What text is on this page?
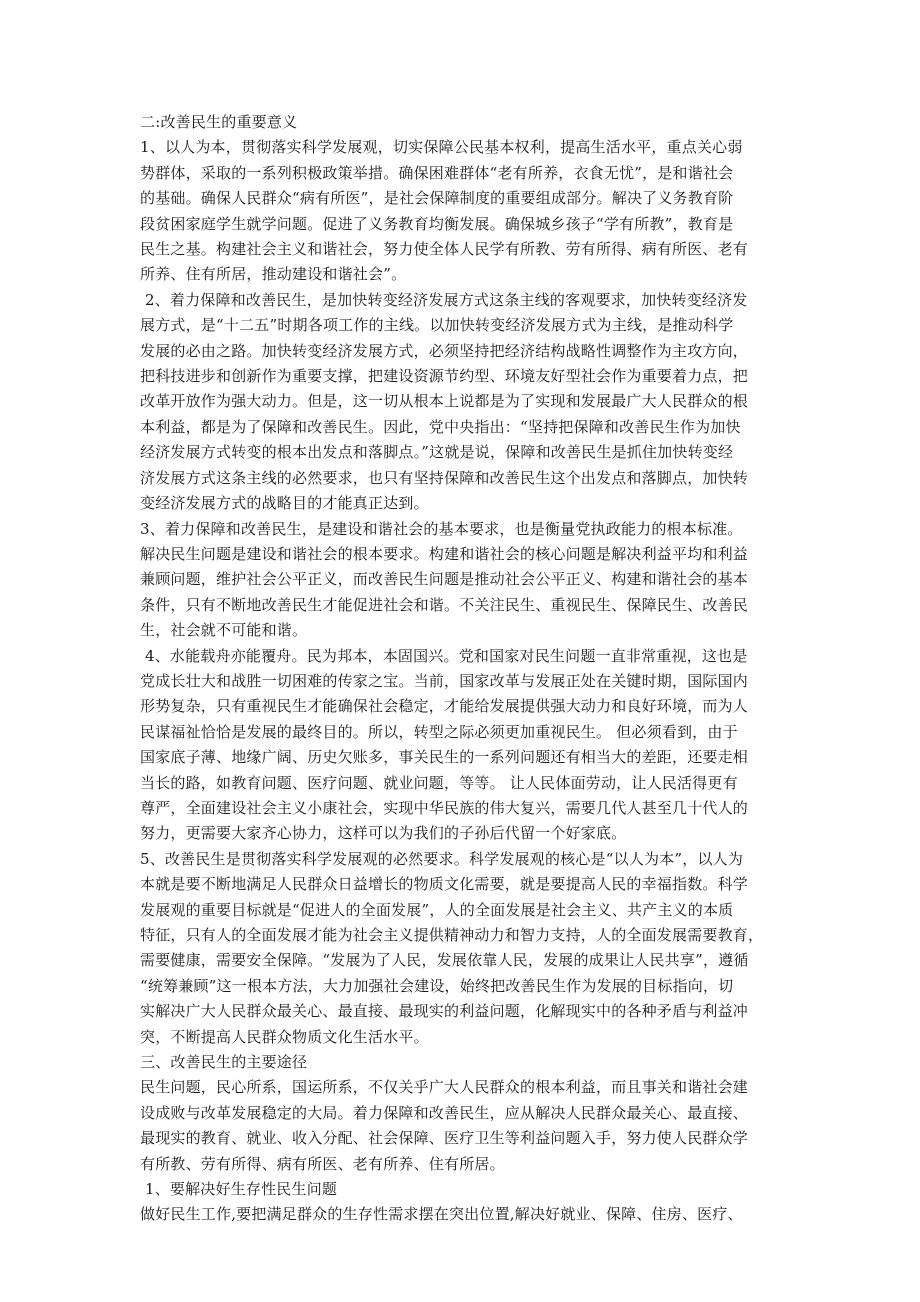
二:改善民生的重要意义
1、以人为本，贯彻落实科学发展观，切实保障公民基本权利，提高生活水平，重点关心弱
势群体，采取的一系列积极政策举措。确保困难群体“老有所养，衣食无忧”，是和谐社会
的基础。确保人民群众“病有所医”，是社会保障制度的重要组成部分。解决了义务教育阶
段贫困家庭学生就学问题。促进了义务教育均衡发展。确保城乡孩子“学有所教”，教育是
民生之基。构建社会主义和谐社会，努力使全体人民学有所教、劳有所得、病有所医、老有
所养、住有所居，推动建设和谐社会”。
2、着力保障和改善民生，是加快转变经济发展方式这条主线的客观要求，加快转变经济发
展方式，是“十二五”时期各项工作的主线。以加快转变经济发展方式为主线，是推动科学
发展的必由之路。加快转变经济发展方式，必须坚持把经济结构战略性调整作为主攻方向，
把科技进步和创新作为重要支撑，把建设资源节约型、环境友好型社会作为重要着力点，把
改革开放作为强大动力。但是，这一切从根本上说都是为了实现和发展最广大人民群众的根
本利益，都是为了保障和改善民生。因此，党中央指出：“坚持把保障和改善民生作为加快
经济发展方式转变的根本出发点和落脚点。”这就是说，保障和改善民生是抓住加快转变经
济发展方式这条主线的必然要求，也只有坚持保障和改善民生这个出发点和落脚点，加快转
变经济发展方式的战略目的才能真正达到。
3、着力保障和改善民生，是建设和谐社会的基本要求，也是衡量党执政能力的根本标准。
解决民生问题是建设和谐社会的根本要求。构建和谐社会的核心问题是解决利益平均和利益
兼顾问题，维护社会公平正义，而改善民生问题是推动社会公平正义、构建和谐社会的基本
条件，只有不断地改善民生才能促进社会和谐。不关注民生、重视民生、保障民生、改善民
生，社会就不可能和谐。
4、水能载舟亦能覆舟。民为邦本，本固国兴。党和国家对民生问题一直非常重视，这也是
党成长壮大和战胜一切困难的传家之宝。当前，国家改革与发展正处在关键时期，国际国内
形势复杂，只有重视民生才能确保社会稳定，才能给发展提供强大动力和良好环境，而为人
民谋福祉恰恰是发展的最终目的。所以，转型之际必须更加重视民生。 但必须看到，由于
国家底子薄、地缘广阔、历史欠账多，事关民生的一系列问题还有相当大的差距，还要走相
当长的路，如教育问题、医疗问题、就业问题，等等。 让人民体面劳动，让人民活得更有
尊严，全面建设社会主义小康社会，实现中华民族的伟大复兴，需要几代人甚至几十代人的
努力，更需要大家齐心协力，这样可以为我们的子孙后代留一个好家底。
5、改善民生是贯彻落实科学发展观的必然要求。科学发展观的核心是“以人为本”，以人为
本就是要不断地满足人民群众日益增长的物质文化需要，就是要提高人民的幸福指数。科学
发展观的重要目标就是“促进人的全面发展”，人的全面发展是社会主义、共产主义的本质
特征，只有人的全面发展才能为社会主义提供精神动力和智力支持，人的全面发展需要教育，
需要健康，需要安全保障。“发展为了人民，发展依靠人民，发展的成果让人民共享”，遵循
“统筹兼顾”这一根本方法，大力加强社会建设，始终把改善民生作为发展的目标指向，切
实解决广大人民群众最关心、最直接、最现实的利益问题，化解现实中的各种矛盾与利益冲
突，不断提高人民群众物质文化生活水平。
三、改善民生的主要途径
民生问题，民心所系，国运所系，不仅关乎广大人民群众的根本利益，而且事关和谐社会建
设成败与改革发展稳定的大局。着力保障和改善民生，应从解决人民群众最关心、最直接、
最现实的教育、就业、收入分配、社会保障、医疗卫生等利益问题入手，努力使人民群众学
有所教、劳有所得、病有所医、老有所养、住有所居。
1、要解决好生存性民生问题
做好民生工作,要把满足群众的生存性需求摆在突出位置,解决好就业、保障、住房、医疗、
